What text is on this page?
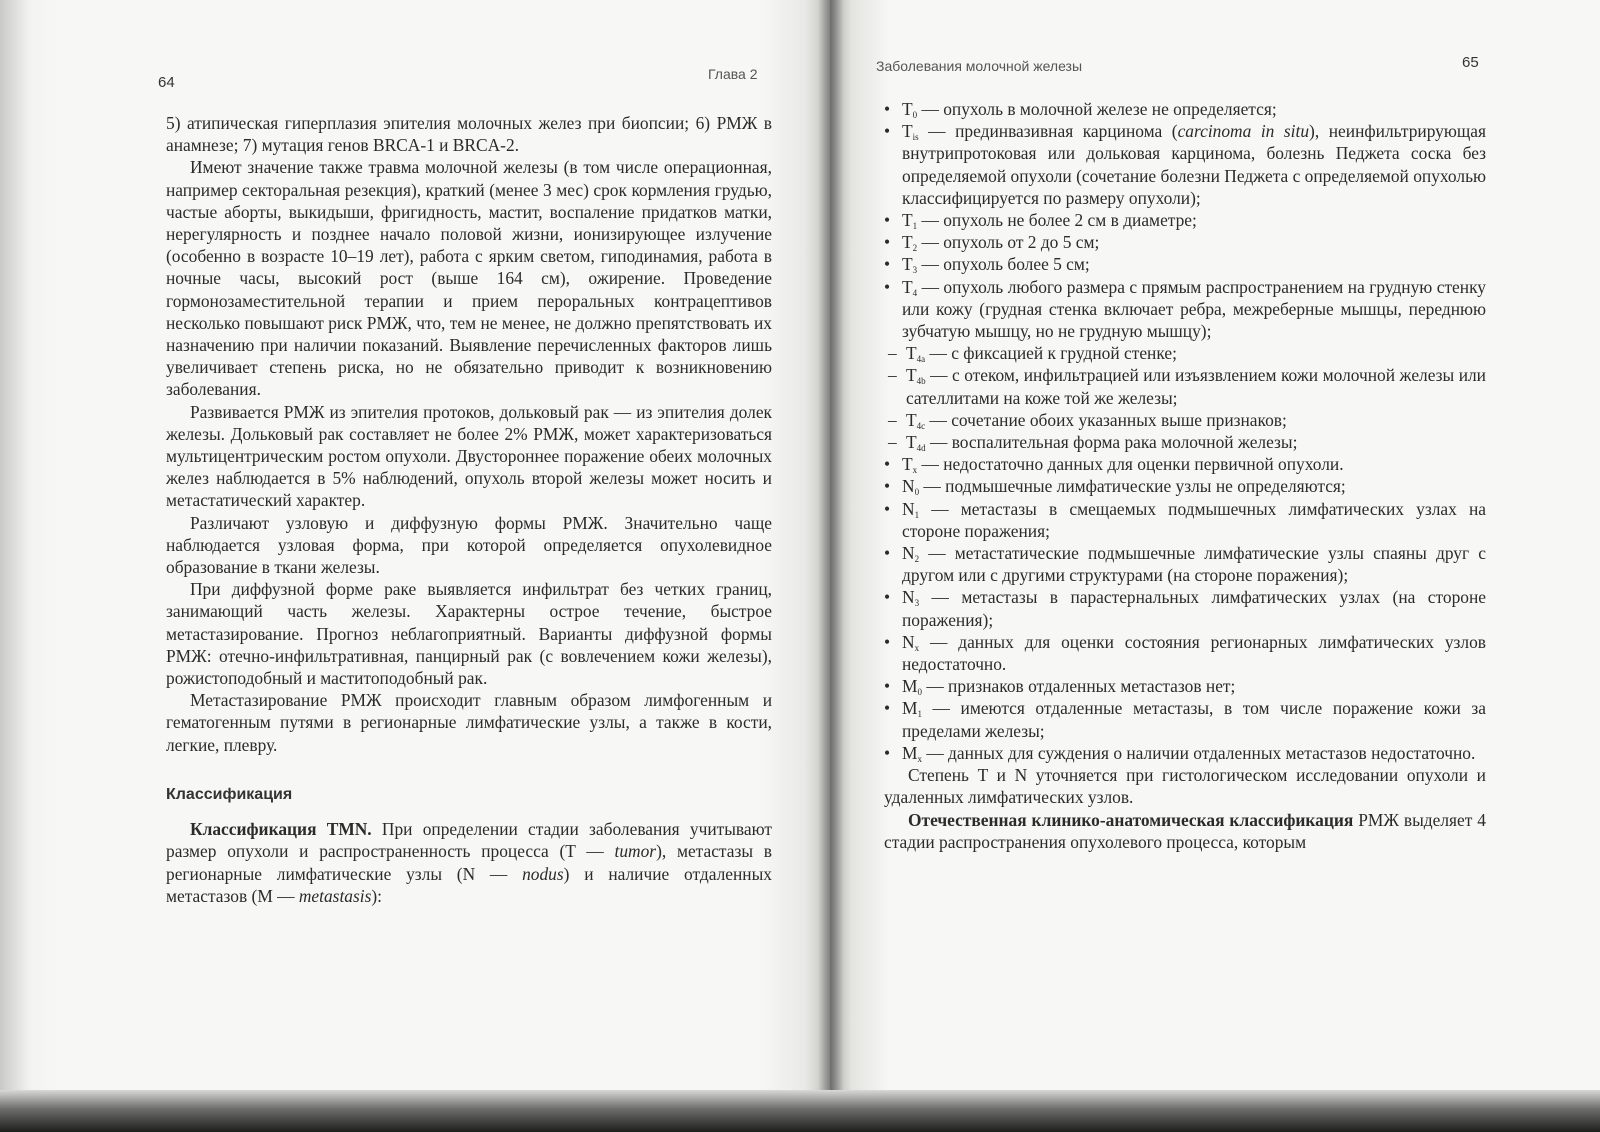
64	Глава 2

5) атипическая гиперплазия эпителия молочных желез при биопсии; 6) РМЖ в анамнезе; 7) мутация генов BRCA-1 и BRCA-2.

Имеют значение также травма молочной железы (в том числе операционная, например секторальная резекция), краткий (менее 3 мес) срок кормления грудью, частые аборты, выкидыши, фригидность, мастит, воспаление придатков матки, нерегулярность и позднее начало половой жизни, ионизирующее излучение (особенно в возрасте 10–19 лет), работа с ярким светом, гиподинамия, работа в ночные часы, высокий рост (выше 164 см), ожирение. Проведение гормонозаместительной терапии и прием пероральных контрацептивов несколько повышают риск РМЖ, что, тем не менее, не должно препятствовать их назначению при наличии показаний. Выявление перечисленных факторов лишь увеличивает степень риска, но не обязательно приводит к возникновению заболевания.

Развивается РМЖ из эпителия протоков, дольковый рак — из эпителия долек железы. Дольковый рак составляет не более 2% РМЖ, может характеризоваться мультицентрическим ростом опухоли. Двустороннее поражение обеих молочных желез наблюдается в 5% наблюдений, опухоль второй железы может носить и метастатический характер.

Различают узловую и диффузную формы РМЖ. Значительно чаще наблюдается узловая форма, при которой определяется опухолевидное образование в ткани железы.

При диффузной форме раке выявляется инфильтрат без четких границ, занимающий часть железы. Характерны острое течение, быстрое метастазирование. Прогноз неблагоприятный. Варианты диффузной формы РМЖ: отечно-инфильтративная, панцирный рак (с вовлечением кожи железы), рожистоподобный и маститоподобный рак.

Метастазирование РМЖ происходит главным образом лимфогенным и гематогенным путями в регионарные лимфатические узлы, а также в кости, легкие, плевру.

Классификация

Классификация TMN. При определении стадии заболевания учитывают размер опухоли и распространенность процесса (T — tumor), метастазы в регионарные лимфатические узлы (N — nodus) и наличие отдаленных метастазов (M — metastasis):

Заболевания молочной железы	65
• $T_0$ — опухоль в молочной железе не определяется;
• $T_{is}$ — прединвазивная карцинома (carcinoma in situ), неинфильтрирующая внутрипротоковая или дольковая карцинома, болезнь Педжета соска без определяемой опухоли (сочетание болезни Педжета с определяемой опухолью классифицируется по размеру опухоли);
• $T_1$ — опухоль не более 2 см в диаметре;
• $T_2$ — опухоль от 2 до 5 см;
• $T_3$ — опухоль более 5 см;
• $T_4$ — опухоль любого размера с прямым распространением на грудную стенку или кожу (грудная стенка включает ребра, межреберные мышцы, переднюю зубчатую мышцу, но не грудную мышцу);
– $T_{4a}$ — с фиксацией к грудной стенке;
– $T_{4b}$ — с отеком, инфильтрацией или изъязвлением кожи молочной железы или сателлитами на коже той же железы;
– $T_{4c}$ — сочетание обоих указанных выше признаков;
– $T_{4d}$ — воспалительная форма рака молочной железы;
• $T_x$ — недостаточно данных для оценки первичной опухоли.
• $N_0$ — подмышечные лимфатические узлы не определяются;
• $N_1$ — метастазы в смещаемых подмышечных лимфатических узлах на стороне поражения;
• $N_2$ — метастатические подмышечные лимфатические узлы спаяны друг с другом или с другими структурами (на стороне поражения);
• $N_3$ — метастазы в парастернальных лимфатических узлах (на стороне поражения);
• $N_x$ — данных для оценки состояния регионарных лимфатических узлов недостаточно.
• $M_0$ — признаков отдаленных метастазов нет;
• $M_1$ — имеются отдаленные метастазы, в том числе поражение кожи за пределами железы;
• $M_x$ — данных для суждения о наличии отдаленных метастазов недостаточно.

Степень T и N уточняется при гистологическом исследовании опухоли и удаленных лимфатических узлов.

Отечественная клинико-анатомическая классификация РМЖ выделяет 4 стадии распространения опухолевого процесса, которым
